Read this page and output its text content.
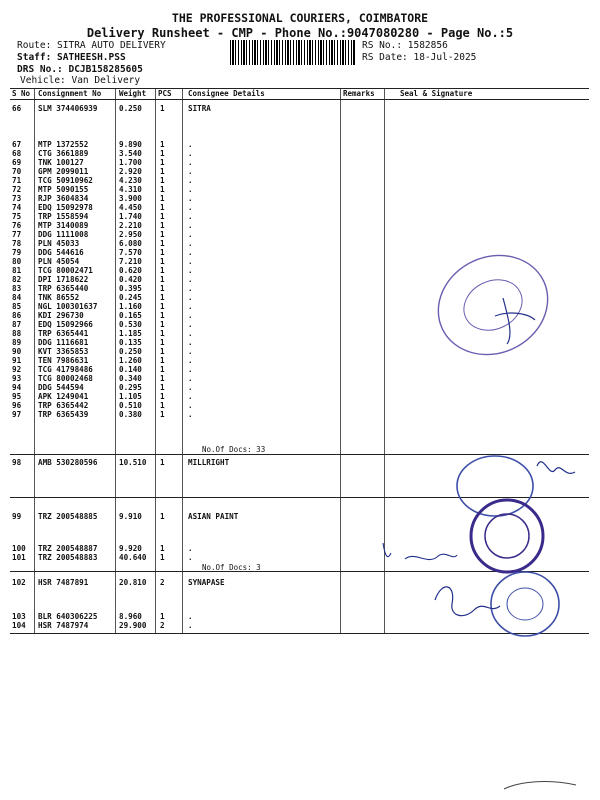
THE PROFESSIONAL COURIERS, COIMBATORE
Delivery Runsheet - CMP - Phone No.:9047080280 - Page No.:5
Route: SITRA AUTO DELIVERY
Staff: SATHEESH.PSS
DRS No.: DCJB158285605
Vehicle: Van Delivery
RS No.: 1582856
RS Date: 18-Jul-2025
S No Consignment No Weight PCS Consignee Details	Remarks	Seal & Signature
66 SLM 374406939	0.250 1	SITRA
67 MTP 1372552	9.890 1	.
68 CTG 3661889	3.540 1	.
69 TNK 100127	1.700 1	.
70 GPM 2099011	2.920 1	.
71 TCG 50910962	4.230 1	.
72 MTP 5090155	4.310 1	.
73 RJP 3604834	3.900 1	.
74 EDQ 15092978	4.450 1	.
75 TRP 1558594	1.740 1	.
76 MTP 3140089	2.210 1	.
77 DDG 1111008	2.950 1	.
78 PLN 45033	6.080 1	.
79 DDG 544616	7.570 1	.
80 PLN 45054	7.210 1	.
81 TCG 80002471	0.620 1	.
82 DPI 1718622	0.420 1	.
83 TRP 6365440	0.395 1	.
84 TNK 86552	0.245 1	.
85 NGL 100301637	1.160 1	.
86 KDI 296730	0.165 1	.
87 EDQ 15092966	0.530 1	.
88 TRP 6365441	1.185 1	.
89 DDG 1116681	0.135 1	.
90 KVT 3365853	0.250 1	.
91 TEN 7986631	1.260 1	.
92 TCG 41798486	0.140 1	.
93 TCG 80002468	0.340 1	.
94 DDG 544594	0.295 1	.
95 APK 1249041	1.105 1	.
96 TRP 6365442	0.510 1	.
97 TRP 6365439	0.380 1	.
98 AMB 530280596	10.510 1	MILLRIGHT
99 TRZ 200548885	9.910 1	ASIAN PAINT
100 TRZ 200548887	9.920 1	.
101 TRZ 200548883	40.640 1	.
102 HSR 7487891	20.810 2	SYNAPASE
103 BLR 640306225	8.960 1	.
104 HSR 7487974	29.900 2	.
No.Of Docs: 33
No.Of Docs: 3
